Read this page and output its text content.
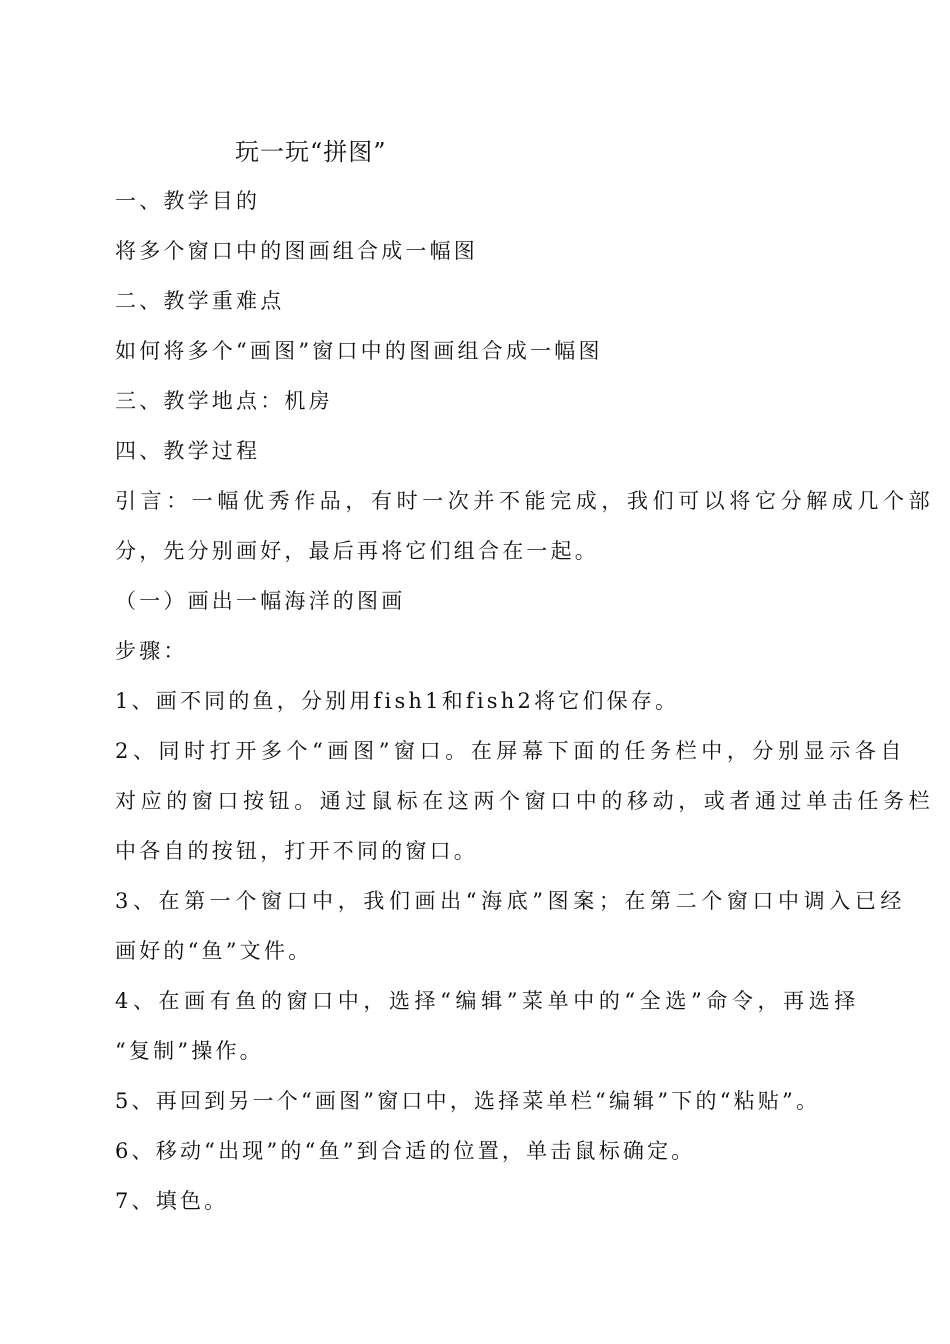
玩一玩“拼图”
一、教学目的
将多个窗口中的图画组合成一幅图
二、教学重难点
如何将多个“画图”窗口中的图画组合成一幅图
三、教学地点：机房
四、教学过程
引言：一幅优秀作品，有时一次并不能完成，我们可以将它分解成几个部
分，先分别画好，最后再将它们组合在一起。
（一）画出一幅海洋的图画
步骤：
1、画不同的鱼，分别用fish1和fish2将它们保存。
2、同时打开多个“画图”窗口。在屏幕下面的任务栏中，分别显示各自
对应的窗口按钮。通过鼠标在这两个窗口中的移动，或者通过单击任务栏
中各自的按钮，打开不同的窗口。
3、在第一个窗口中，我们画出“海底”图案；在第二个窗口中调入已经
画好的“鱼”文件。
4、在画有鱼的窗口中，选择“编辑”菜单中的“全选”命令，再选择
“复制”操作。
5、再回到另一个“画图”窗口中，选择菜单栏“编辑”下的“粘贴”。
6、移动“出现”的“鱼”到合适的位置，单击鼠标确定。
7、填色。
